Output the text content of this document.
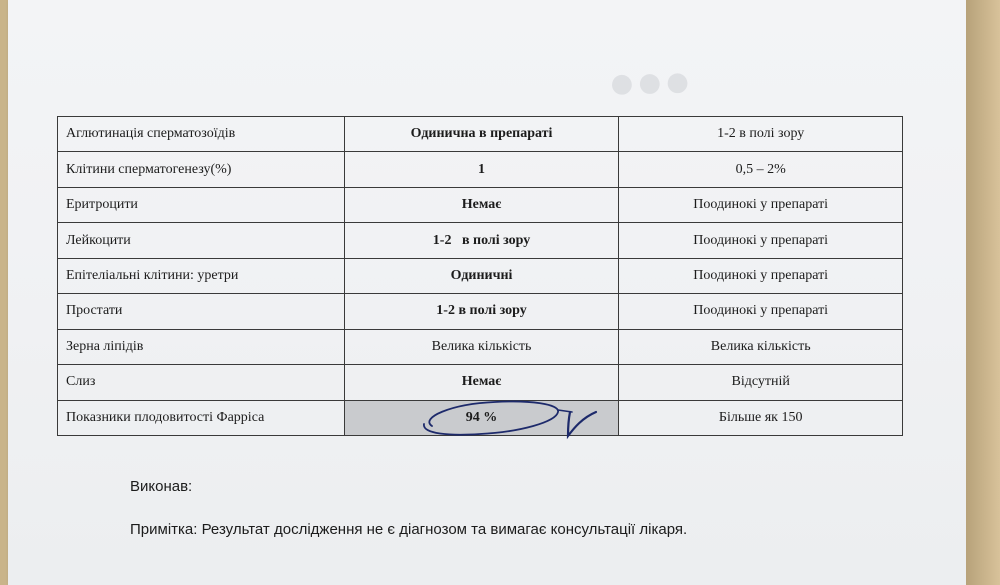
●●●
Аглютинація сперматозоїдів	Одинична в препараті	1-2 в полі зору
Клітини сперматогенезу(%)	1	0,5 – 2%
Еритроцити	Немає	Поодинокі у препараті
Лейкоцити	1-2   в полі зору	Поодинокі у препараті
Епітеліальні клітини: уретри	Одиничні	Поодинокі у препараті
Простати	1-2 в полі зору	Поодинокі у препараті
Зерна ліпідів	Велика кількість	Велика кількість
Слиз	Немає	Відсутній
Показники плодовитості Фарріса	94 %	Більше як 150
Виконав:
Примітка: Результат дослідження не є діагнозом та вимагає консультації лікаря.
